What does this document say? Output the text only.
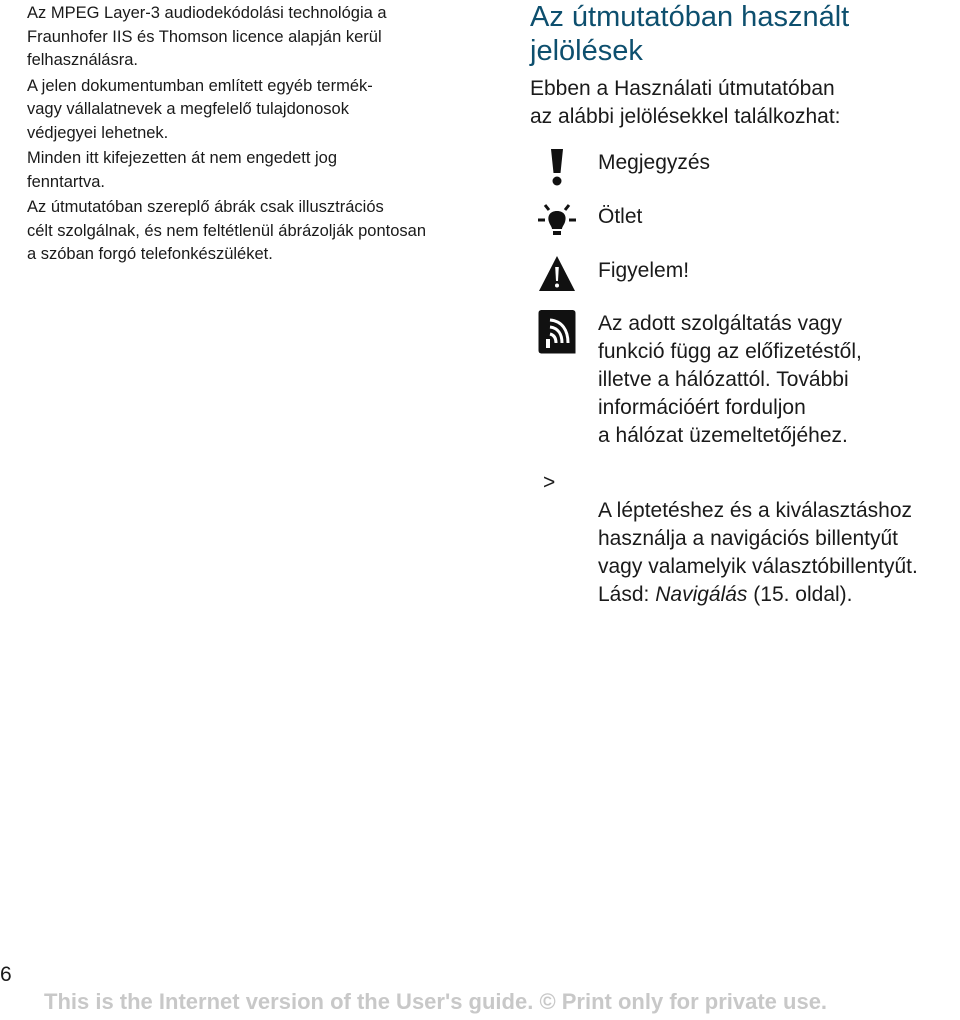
Az MPEG Layer-3 audiodekódolási technológia a
Fraunhofer IIS és Thomson licence alapján kerül
felhasználásra.

A jelen dokumentumban említett egyéb termék-
vagy vállalatnevek a megfelelő tulajdonosok
védjegyei lehetnek.

Minden itt kifejezetten át nem engedett jog
fenntartva.

Az útmutatóban szereplő ábrák csak illusztrációs
célt szolgálnak, és nem feltétlenül ábrázolják pontosan
a szóban forgó telefonkészüléket.

Az útmutatóban használt
jelölések

Ebben a Használati útmutatóban
az alábbi jelölésekkel találkozhat:

Megjegyzés
Ötlet
Figyelem!
Az adott szolgáltatás vagy
funkció függ az előfizetéstől,
illetve a hálózattól. További
információért forduljon
a hálózat üzemeltetőjéhez.
>

A léptetéshez és a kiválasztáshoz
használja a navigációs billentyűt
vagy valamelyik választóbillentyűt.
Lásd: Navigálás (15. oldal).

6
This is the Internet version of the User's guide. © Print only for private use.
